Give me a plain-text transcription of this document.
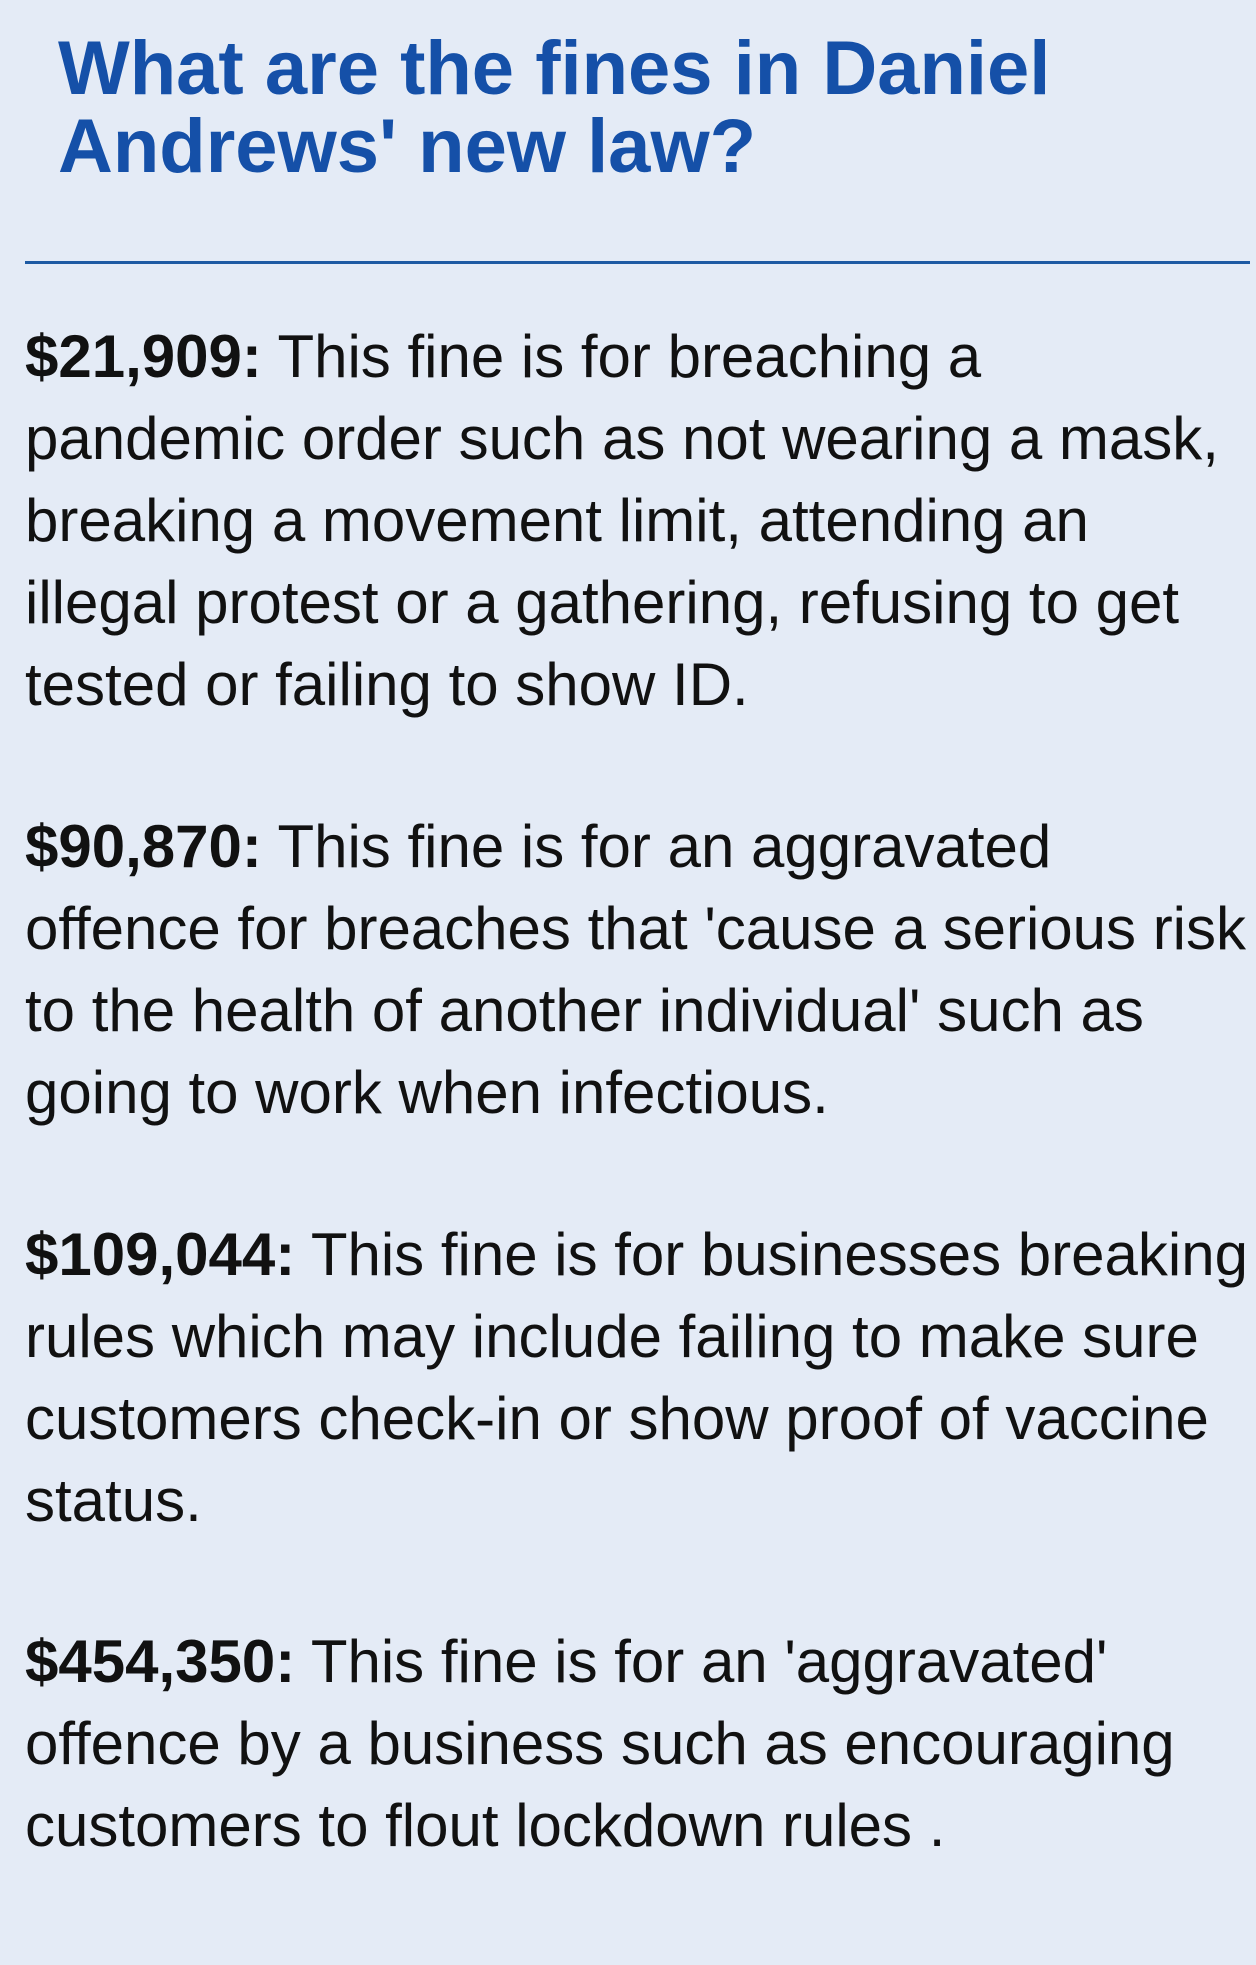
What are the fines in Daniel Andrews' new law?

$21,909: This fine is for breaching a pandemic order such as not wearing a mask, breaking a movement limit, attending an illegal protest or a gathering, refusing to get tested or failing to show ID.

$90,870: This fine is for an aggravated offence for breaches that 'cause a serious risk to the health of another individual' such as going to work when infectious.

$109,044: This fine is for businesses breaking rules which may include failing to make sure customers check-in or show proof of vaccine status.

$454,350: This fine is for an 'aggravated' offence by a business such as encouraging customers to flout lockdown rules .
